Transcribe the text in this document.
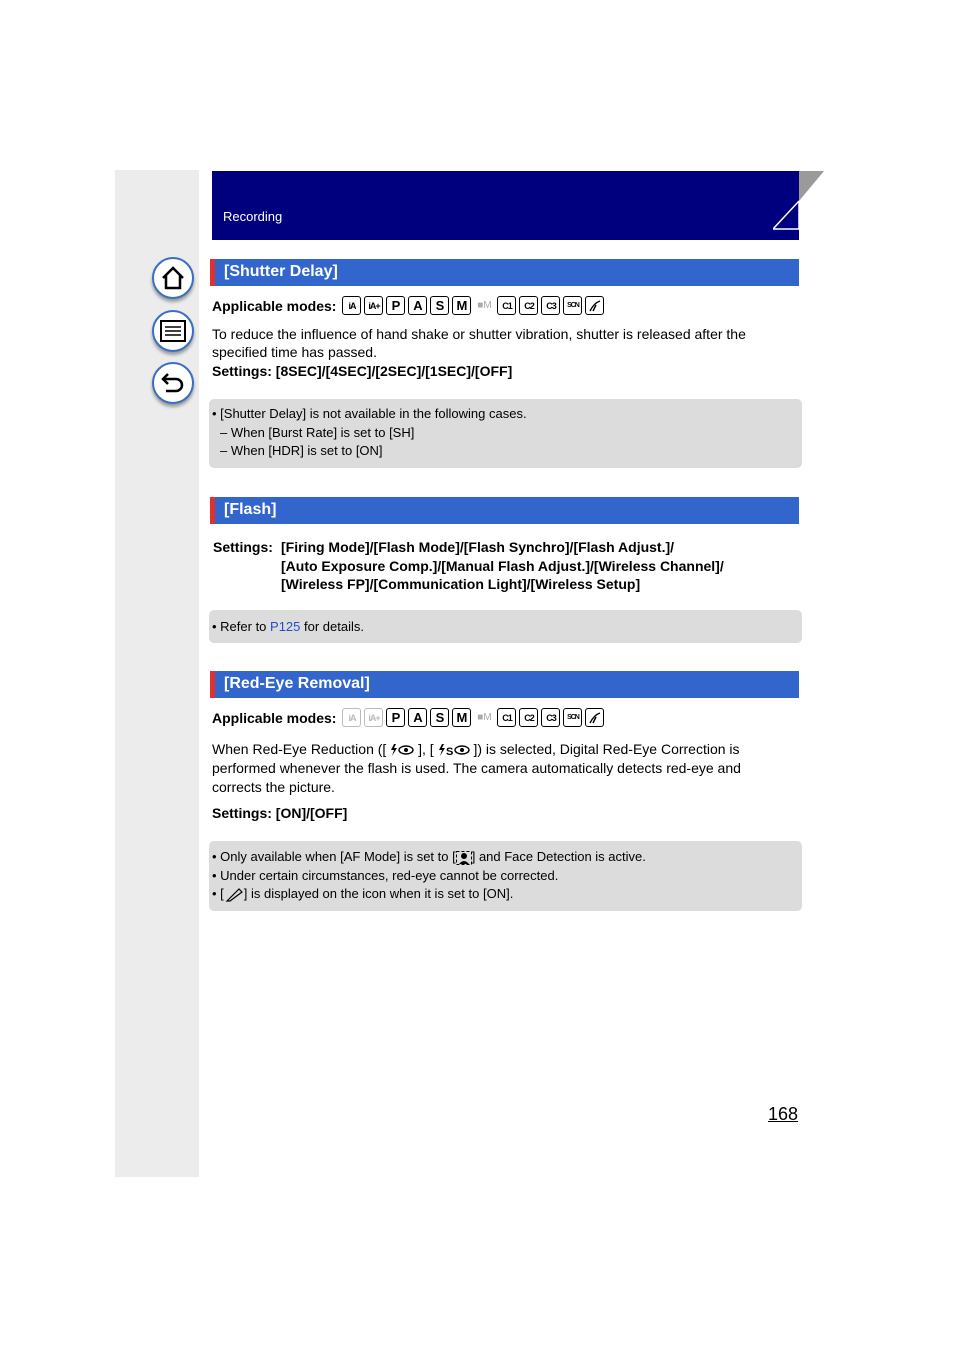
Recording
[Shutter Delay]
Applicable modes:	iA	iA+ P A S M ■M	C1	C2	C3	SCN
To reduce the influence of hand shake or shutter vibration, shutter is released after the
specified time has passed.
Settings: [8SEC]/[4SEC]/[2SEC]/[1SEC]/[OFF]
• [Shutter Delay] is not available in the following cases.
– When [Burst Rate] is set to [SH]
– When [HDR] is set to [ON]
[Flash]
Settings: [Firing Mode]/[Flash Mode]/[Flash Synchro]/[Flash Adjust.]/
[Auto Exposure Comp.]/[Manual Flash Adjust.]/[Wireless Channel]/
[Wireless FP]/[Communication Light]/[Wireless Setup]
• Refer to P125 for details.
[Red-Eye Removal]
Applicable modes:	iA	iA+ P A S M ■M	C1	C2	C3	SCN
When Red-Eye Reduction ([ ], [ S ]) is selected, Digital Red-Eye Correction is
performed whenever the flash is used. The camera automatically detects red-eye and
corrects the picture.
Settings: [ON]/[OFF]
• Only available when [AF Mode] is set to [ ] and Face Detection is active.
• Under certain circumstances, red-eye cannot be corrected.
• [ ] is displayed on the icon when it is set to [ON].
168
